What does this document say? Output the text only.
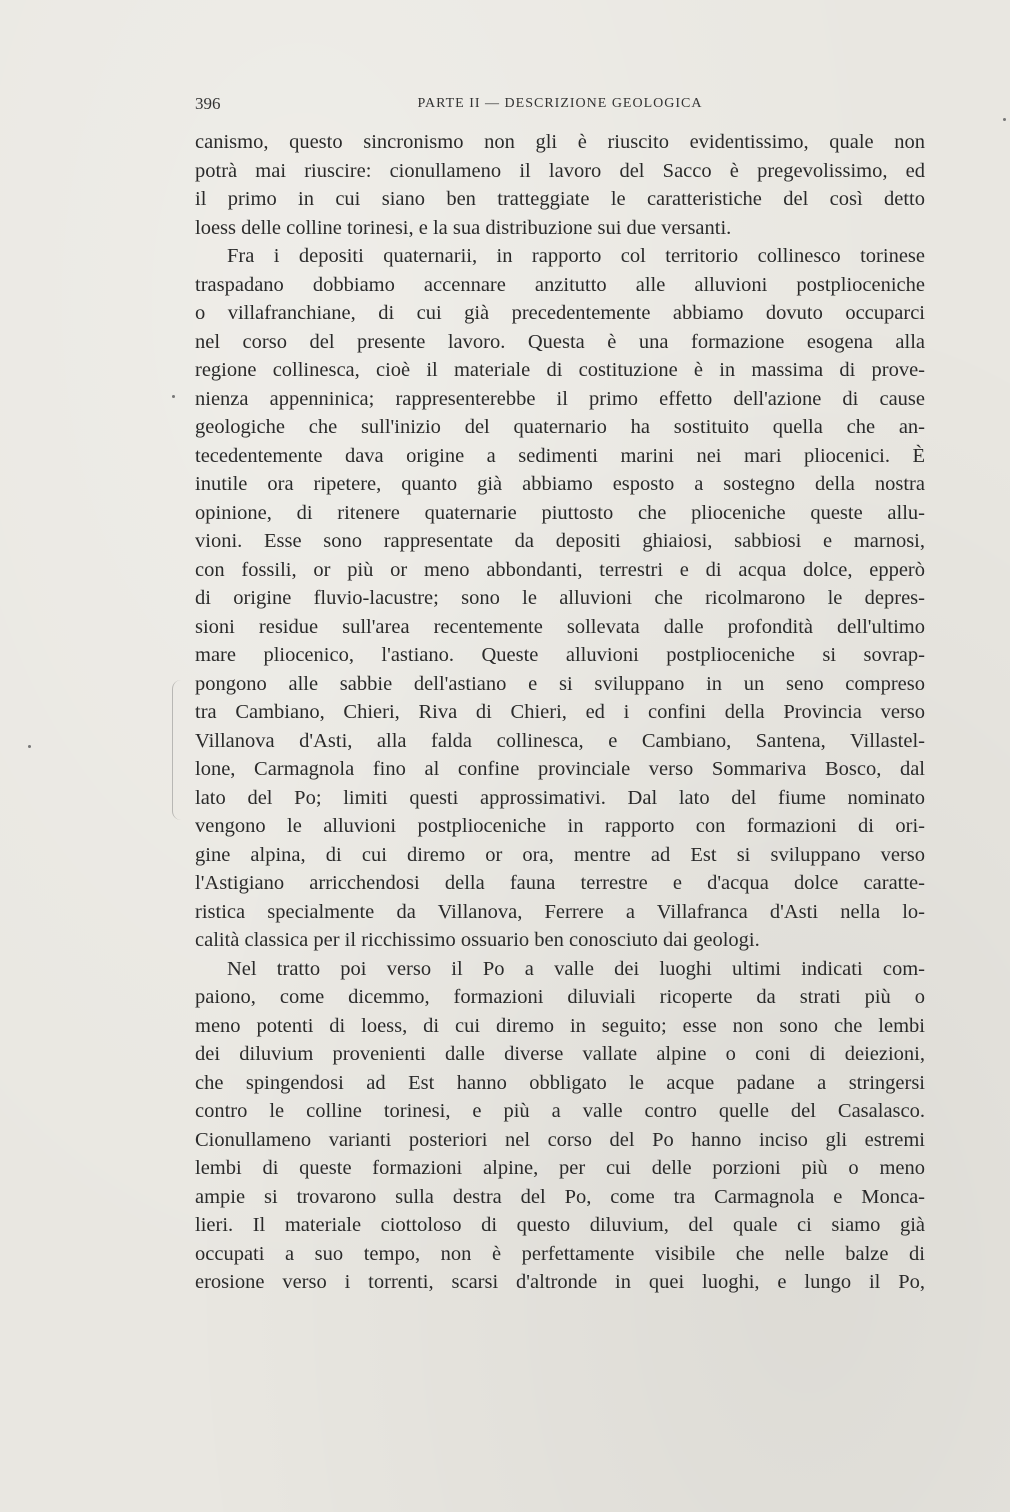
396	PARTE II — DESCRIZIONE GEOLOGICA
canismo, questo sincronismo non gli è riuscito evidentissimo, quale non
potrà mai riuscire: cionullameno il lavoro del Sacco è pregevolissimo, ed
il primo in cui siano ben tratteggiate le caratteristiche del così detto
loess delle colline torinesi, e la sua distribuzione sui due versanti.
Fra i depositi quaternarii, in rapporto col territorio collinesco torinese
traspadano dobbiamo accennare anzitutto alle alluvioni postplioceniche
o villafranchiane, di cui già precedentemente abbiamo dovuto occuparci
nel corso del presente lavoro. Questa è una formazione esogena alla
regione collinesca, cioè il materiale di costituzione è in massima di prove-
nienza appenninica; rappresenterebbe il primo effetto dell'azione di cause
geologiche che sull'inizio del quaternario ha sostituito quella che an-
tecedentemente dava origine a sedimenti marini nei mari pliocenici. È
inutile ora ripetere, quanto già abbiamo esposto a sostegno della nostra
opinione, di ritenere quaternarie piuttosto che plioceniche queste allu-
vioni. Esse sono rappresentate da depositi ghiaiosi, sabbiosi e marnosi,
con fossili, or più or meno abbondanti, terrestri e di acqua dolce, epperò
di origine fluvio-lacustre; sono le alluvioni che ricolmarono le depres-
sioni residue sull'area recentemente sollevata dalle profondità dell'ultimo
mare pliocenico, l'astiano. Queste alluvioni postplioceniche si sovrap-
pongono alle sabbie dell'astiano e si sviluppano in un seno compreso
tra Cambiano, Chieri, Riva di Chieri, ed i confini della Provincia verso
Villanova d'Asti, alla falda collinesca, e Cambiano, Santena, Villastel-
lone, Carmagnola fino al confine provinciale verso Sommariva Bosco, dal
lato del Po; limiti questi approssimativi. Dal lato del fiume nominato
vengono le alluvioni postplioceniche in rapporto con formazioni di ori-
gine alpina, di cui diremo or ora, mentre ad Est si sviluppano verso
l'Astigiano arricchendosi della fauna terrestre e d'acqua dolce caratte-
ristica specialmente da Villanova, Ferrere a Villafranca d'Asti nella lo-
calità classica per il ricchissimo ossuario ben conosciuto dai geologi.
Nel tratto poi verso il Po a valle dei luoghi ultimi indicati com-
paiono, come dicemmo, formazioni diluviali ricoperte da strati più o
meno potenti di loess, di cui diremo in seguito; esse non sono che lembi
dei diluvium provenienti dalle diverse vallate alpine o coni di deiezioni,
che spingendosi ad Est hanno obbligato le acque padane a stringersi
contro le colline torinesi, e più a valle contro quelle del Casalasco.
Cionullameno varianti posteriori nel corso del Po hanno inciso gli estremi
lembi di queste formazioni alpine, per cui delle porzioni più o meno
ampie si trovarono sulla destra del Po, come tra Carmagnola e Monca-
lieri. Il materiale ciottoloso di questo diluvium, del quale ci siamo già
occupati a suo tempo, non è perfettamente visibile che nelle balze di
erosione verso i torrenti, scarsi d'altronde in quei luoghi, e lungo il Po,
